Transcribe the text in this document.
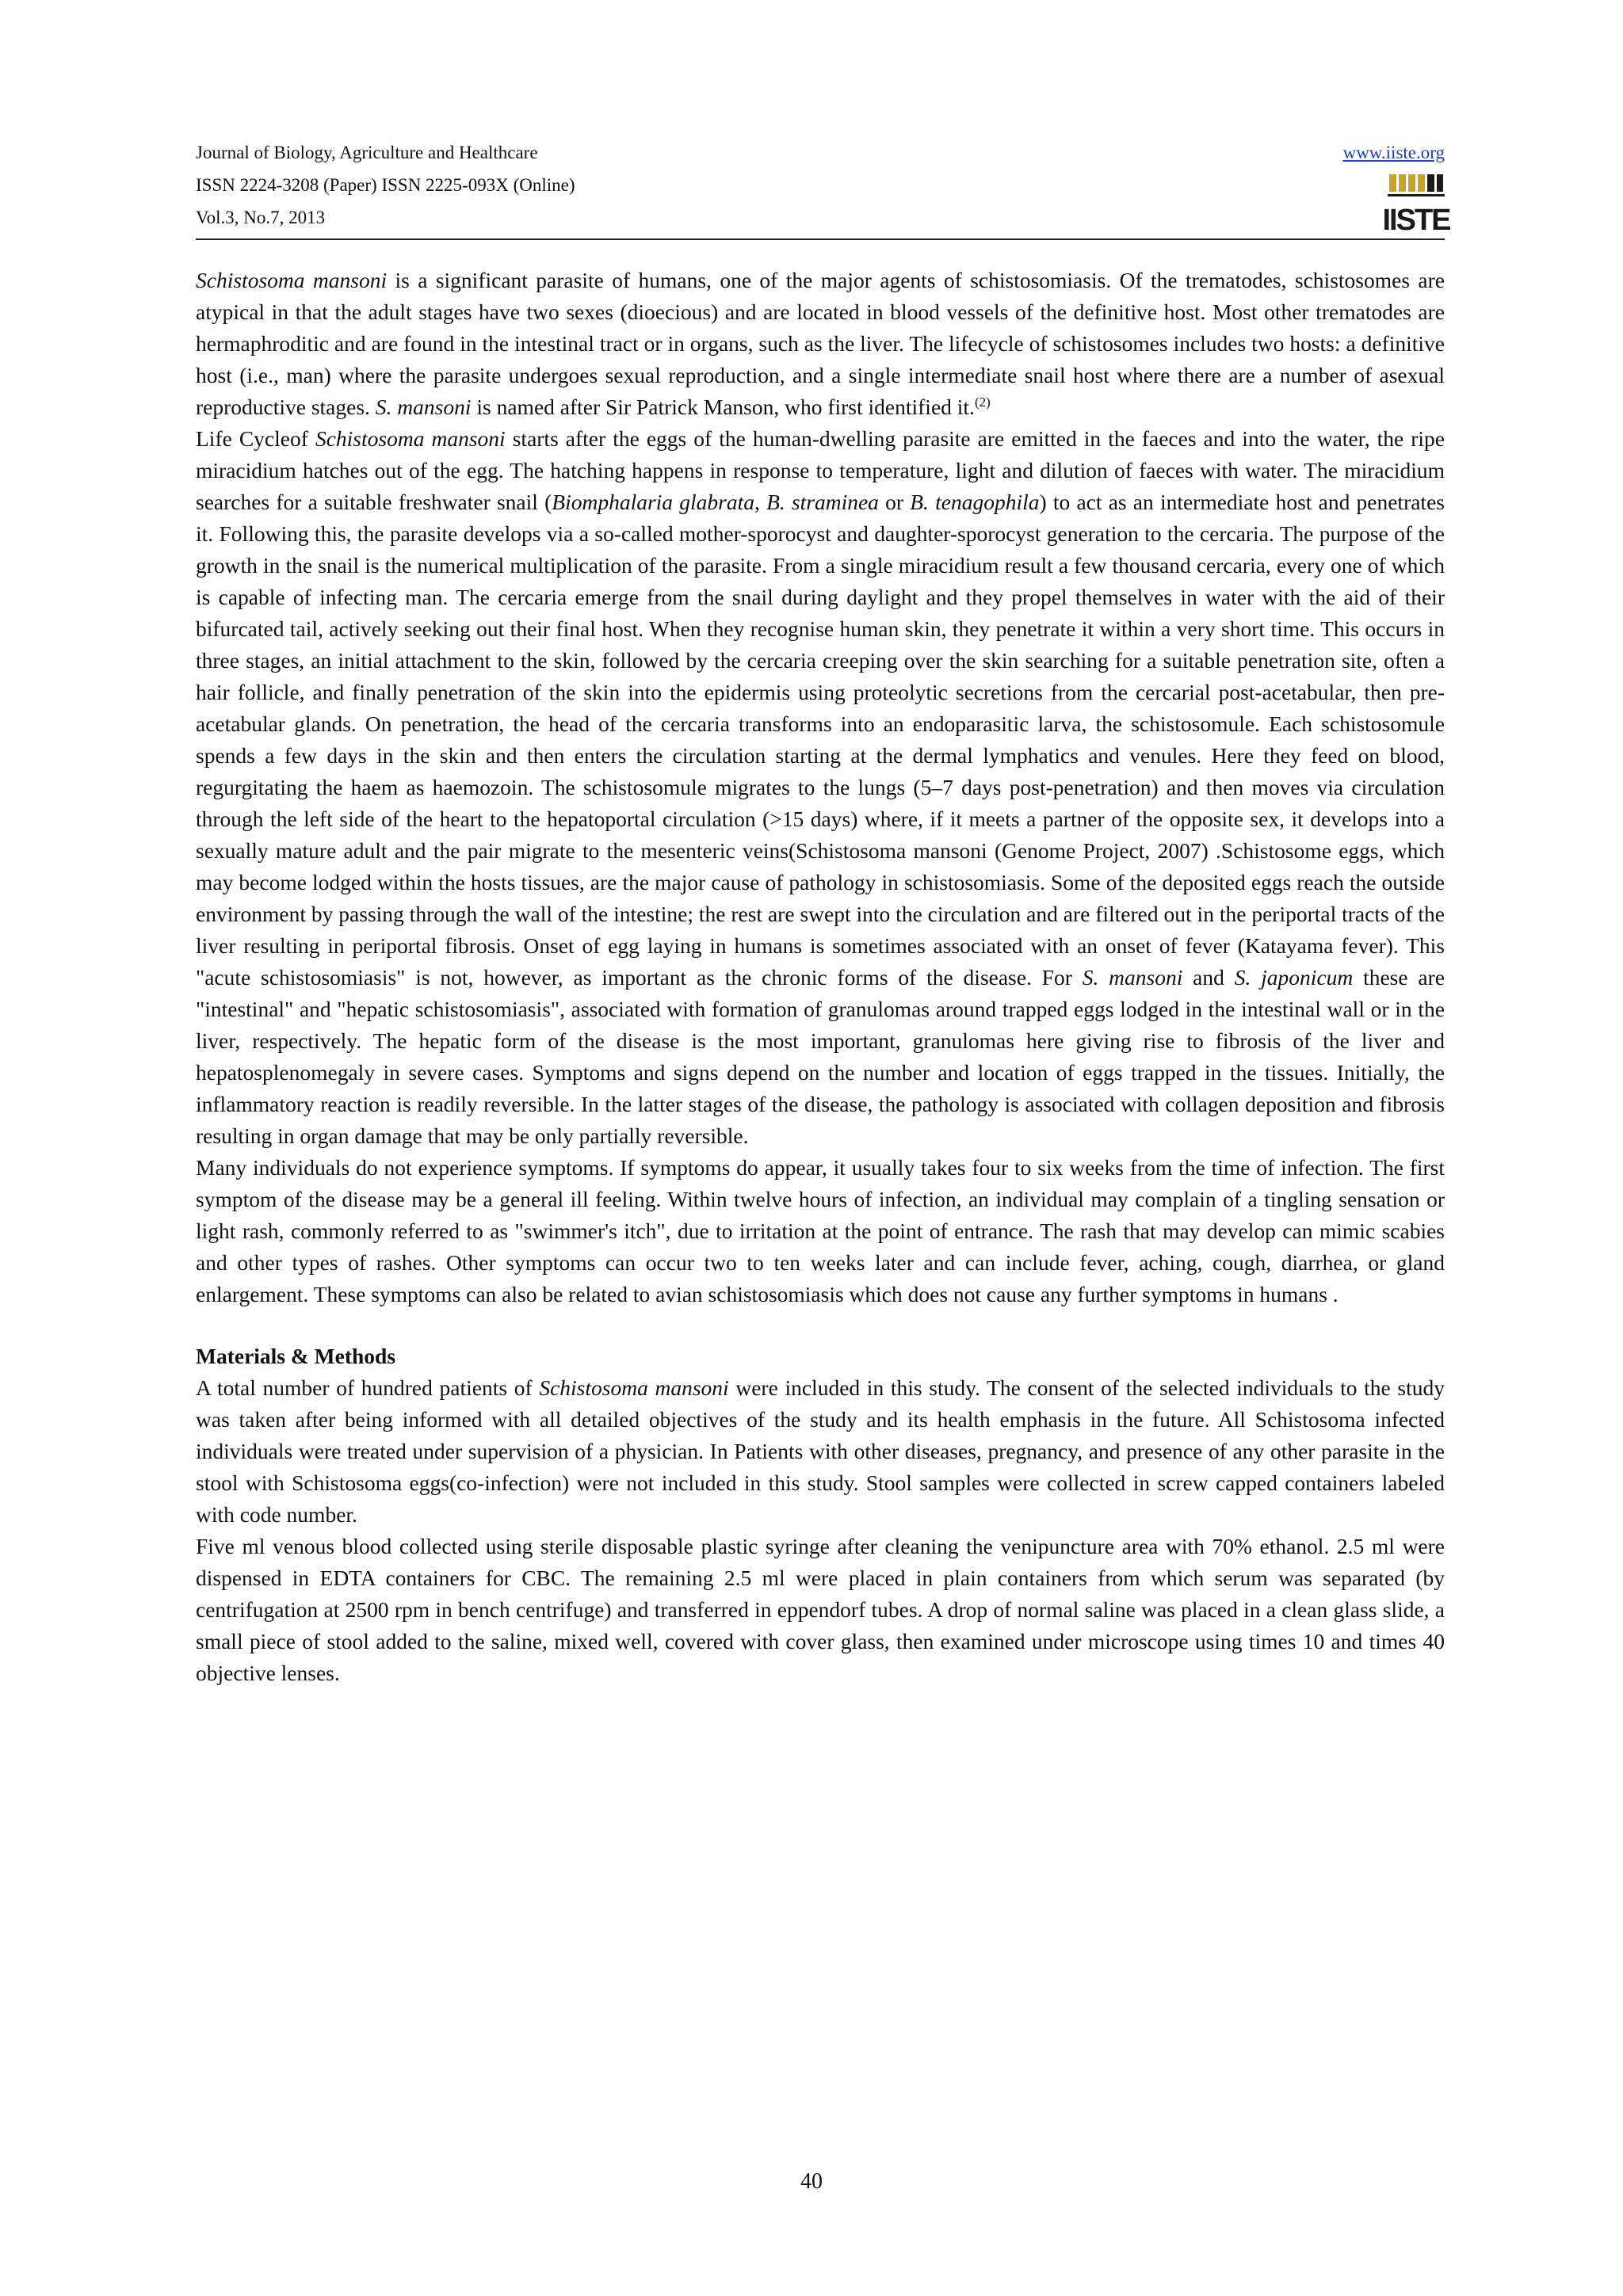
Journal of Biology, Agriculture and Healthcare
ISSN 2224-3208 (Paper) ISSN 2225-093X (Online)
Vol.3, No.7, 2013
www.iiste.org
IISTE

Schistosoma mansoni is a significant parasite of humans, one of the major agents of schistosomiasis. Of the trematodes, schistosomes are atypical in that the adult stages have two sexes (dioecious) and are located in blood vessels of the definitive host. Most other trematodes are hermaphroditic and are found in the intestinal tract or in organs, such as the liver. The lifecycle of schistosomes includes two hosts: a definitive host (i.e., man) where the parasite undergoes sexual reproduction, and a single intermediate snail host where there are a number of asexual reproductive stages. S. mansoni is named after Sir Patrick Manson, who first identified it.$^{(2)}$

Life Cycleof Schistosoma mansoni starts after the eggs of the human-dwelling parasite are emitted in the faeces and into the water, the ripe miracidium hatches out of the egg. The hatching happens in response to temperature, light and dilution of faeces with water. The miracidium searches for a suitable freshwater snail (Biomphalaria glabrata, B. straminea or B. tenagophila) to act as an intermediate host and penetrates it. Following this, the parasite develops via a so-called mother-sporocyst and daughter-sporocyst generation to the cercaria. The purpose of the growth in the snail is the numerical multiplication of the parasite. From a single miracidium result a few thousand cercaria, every one of which is capable of infecting man. The cercaria emerge from the snail during daylight and they propel themselves in water with the aid of their bifurcated tail, actively seeking out their final host. When they recognise human skin, they penetrate it within a very short time. This occurs in three stages, an initial attachment to the skin, followed by the cercaria creeping over the skin searching for a suitable penetration site, often a hair follicle, and finally penetration of the skin into the epidermis using proteolytic secretions from the cercarial post-acetabular, then pre-acetabular glands. On penetration, the head of the cercaria transforms into an endoparasitic larva, the schistosomule. Each schistosomule spends a few days in the skin and then enters the circulation starting at the dermal lymphatics and venules. Here they feed on blood, regurgitating the haem as haemozoin. The schistosomule migrates to the lungs (5–7 days post-penetration) and then moves via circulation through the left side of the heart to the hepatoportal circulation (>15 days) where, if it meets a partner of the opposite sex, it develops into a sexually mature adult and the pair migrate to the mesenteric veins(Schistosoma mansoni (Genome Project, 2007) .Schistosome eggs, which may become lodged within the hosts tissues, are the major cause of pathology in schistosomiasis. Some of the deposited eggs reach the outside environment by passing through the wall of the intestine; the rest are swept into the circulation and are filtered out in the periportal tracts of the liver resulting in periportal fibrosis. Onset of egg laying in humans is sometimes associated with an onset of fever (Katayama fever). This "acute schistosomiasis" is not, however, as important as the chronic forms of the disease. For S. mansoni and S. japonicum these are "intestinal" and "hepatic schistosomiasis", associated with formation of granulomas around trapped eggs lodged in the intestinal wall or in the liver, respectively. The hepatic form of the disease is the most important, granulomas here giving rise to fibrosis of the liver and hepatosplenomegaly in severe cases. Symptoms and signs depend on the number and location of eggs trapped in the tissues. Initially, the inflammatory reaction is readily reversible. In the latter stages of the disease, the pathology is associated with collagen deposition and fibrosis resulting in organ damage that may be only partially reversible.

Many individuals do not experience symptoms. If symptoms do appear, it usually takes four to six weeks from the time of infection. The first symptom of the disease may be a general ill feeling. Within twelve hours of infection, an individual may complain of a tingling sensation or light rash, commonly referred to as "swimmer's itch", due to irritation at the point of entrance. The rash that may develop can mimic scabies and other types of rashes. Other symptoms can occur two to ten weeks later and can include fever, aching, cough, diarrhea, or gland enlargement. These symptoms can also be related to avian schistosomiasis which does not cause any further symptoms in humans .

Materials & Methods

A total number of hundred patients of Schistosoma mansoni were included in this study. The consent of the selected individuals to the study was taken after being informed with all detailed objectives of the study and its health emphasis in the future. All Schistosoma infected individuals were treated under supervision of a physician. In Patients with other diseases, pregnancy, and presence of any other parasite in the stool with Schistosoma eggs(co-infection) were not included in this study. Stool samples were collected in screw capped containers labeled with code number.

Five ml venous blood collected using sterile disposable plastic syringe after cleaning the venipuncture area with 70% ethanol. 2.5 ml were dispensed in EDTA containers for CBC. The remaining 2.5 ml were placed in plain containers from which serum was separated (by centrifugation at 2500 rpm in bench centrifuge) and transferred in eppendorf tubes. A drop of normal saline was placed in a clean glass slide, a small piece of stool added to the saline, mixed well, covered with cover glass, then examined under microscope using times 10 and times 40 objective lenses.

40
